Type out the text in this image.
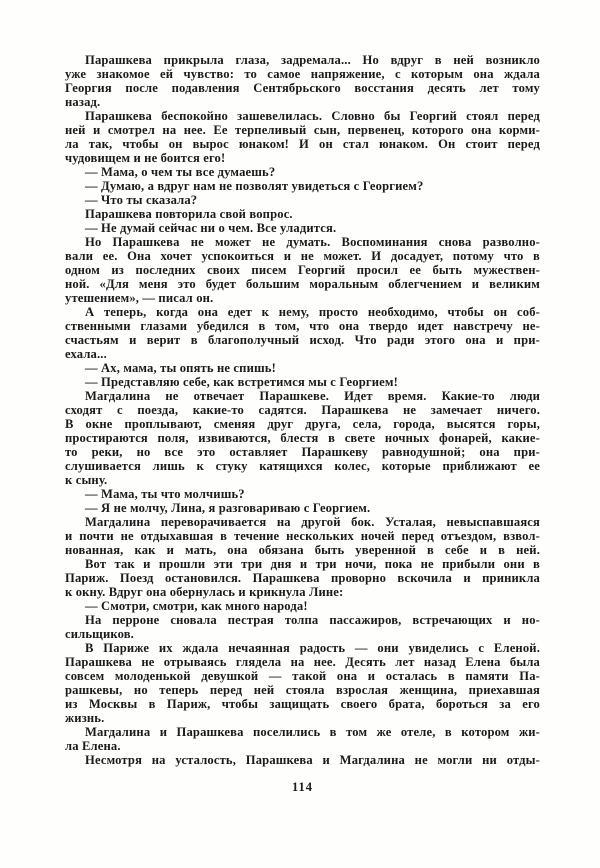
Парашкева прикрыла глаза, задремала... Но вдруг в ней возникло
уже знакомое ей чувство: то самое напряжение, с которым она ждала
Георгия после подавления Сентябрьского восстания десять лет тому
назад.
Парашкева беспокойно зашевелилась. Словно бы Георгий стоял перед
ней и смотрел на нее. Ее терпеливый сын, первенец, которого она корми-
ла так, чтобы он вырос юнаком! И он стал юнаком. Он стоит перед
чудовищем и не боится его!
— Мама, о чем ты все думаешь?
— Думаю, а вдруг нам не позволят увидеться с Георгием?
— Что ты сказала?
Парашкева повторила свой вопрос.
— Не думай сейчас ни о чем. Все уладится.
Но Парашкева не может не думать. Воспоминания снова разволно-
вали ее. Она хочет успокоиться и не может. И досадует, потому что в
одном из последних своих писем Георгий просил ее быть мужествен-
ной. «Для меня это будет большим моральным облегчением и великим
утешением», — писал он.
А теперь, когда она едет к нему, просто необходимо, чтобы он соб-
ственными глазами убедился в том, что она твердо идет навстречу не-
счастьям и верит в благополучный исход. Что ради этого она и при-
ехала...
— Ах, мама, ты опять не спишь!
— Представляю себе, как встретимся мы с Георгием!
Магдалина не отвечает Парашкеве. Идет время. Какие-то люди
сходят с поезда, какие-то садятся. Парашкева не замечает ничего.
В окне проплывают, сменяя друг друга, села, города, высятся горы,
простираются поля, извиваются, блестя в свете ночных фонарей, какие-
то реки, но все это оставляет Парашкеву равнодушной; она при-
слушивается лишь к стуку катящихся колес, которые приближают ее
к сыну.
— Мама, ты что молчишь?
— Я не молчу, Лина, я разговариваю с Георгием.
Магдалина переворачивается на другой бок. Усталая, невыспавшаяся
и почти не отдыхавшая в течение нескольких ночей перед отъездом, взвол-
нованная, как и мать, она обязана быть уверенной в себе и в ней.
Вот так и прошли эти три дня и три ночи, пока не прибыли они в
Париж. Поезд остановился. Парашкева проворно вскочила и приникла
к окну. Вдруг она обернулась и крикнула Лине:
— Смотри, смотри, как много народа!
На перроне сновала пестрая толпа пассажиров, встречающих и но-
сильщиков.
В Париже их ждала нечаянная радость — они увиделись с Еленой.
Парашкева не отрываясь глядела на нее. Десять лет назад Елена была
совсем молоденькой девушкой — такой она и осталась в памяти Па-
рашкевы, но теперь перед ней стояла взрослая женщина, приехавшая
из Москвы в Париж, чтобы защищать своего брата, бороться за его
жизнь.
Магдалина и Парашкева поселились в том же отеле, в котором жи-
ла Елена.
Несмотря на усталость, Парашкева и Магдалина не могли ни отды-
114
